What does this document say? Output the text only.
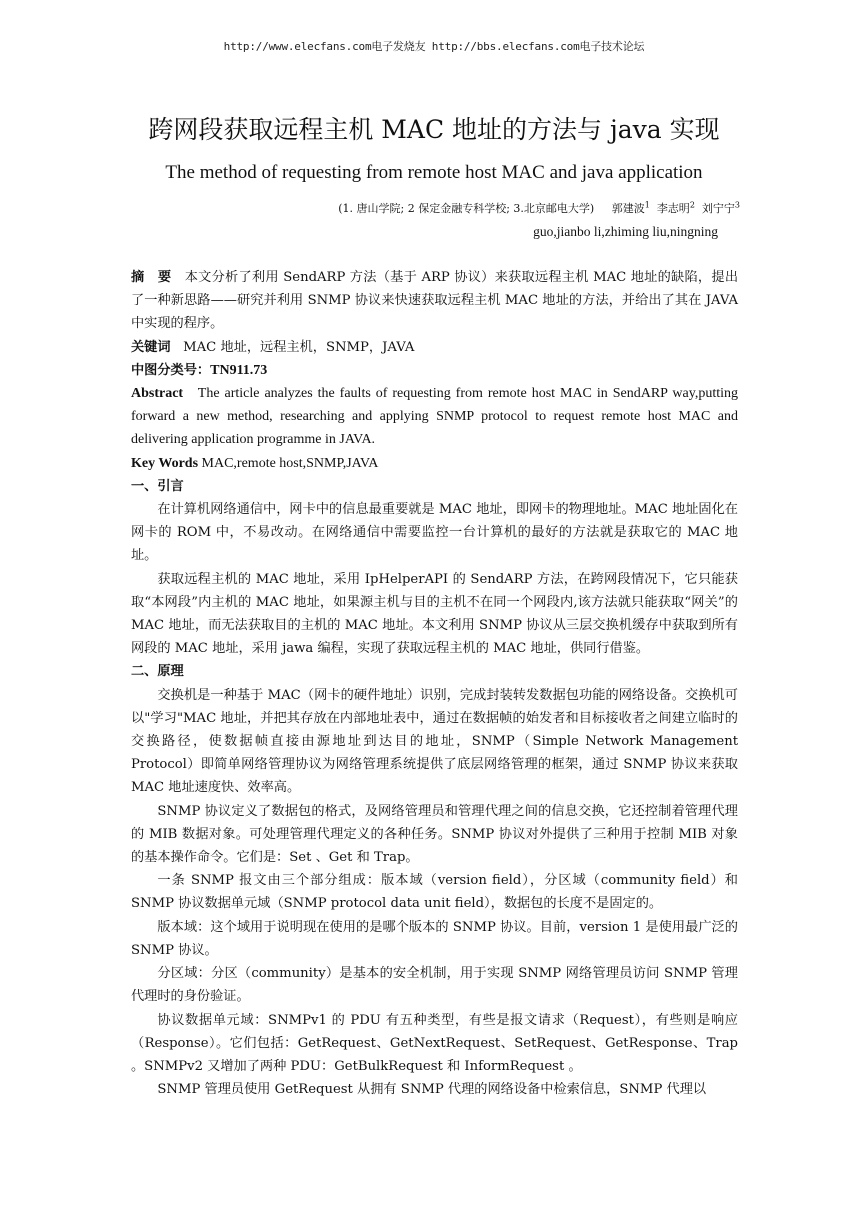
http://www.elecfans.com电子发烧友 http://bbs.elecfans.com电子技术论坛
跨网段获取远程主机 MAC 地址的方法与 java 实现
The method of requesting from remote host MAC and java application
(1. 唐山学院; 2 保定金融专科学校; 3.北京邮电大学) 郭建波$^1$ 李志明$^2$ 刘宁宁$^3$
guo,jianbo li,zhiming liu,ningning

摘　要 本文分析了利用 SendARP 方法（基于 ARP 协议）来获取远程主机 MAC 地址的缺陷，提出了一种新思路——研究并利用 SNMP 协议来快速获取远程主机 MAC 地址的方法，并给出了其在 JAVA 中实现的程序。

关键词 MAC 地址，远程主机，SNMP，JAVA

中图分类号：TN911.73

Abstract The article analyzes the faults of requesting from remote host MAC in SendARP way,putting forward a new method, researching and applying SNMP protocol to request remote host MAC and delivering application programme in JAVA.

Key Words MAC,remote host,SNMP,JAVA

一、引言

在计算机网络通信中，网卡中的信息最重要就是 MAC 地址，即网卡的物理地址。MAC 地址固化在网卡的 ROM 中，不易改动。在网络通信中需要监控一台计算机的最好的方法就是获取它的 MAC 地址。

获取远程主机的 MAC 地址，采用 IpHelperAPI 的 SendARP 方法，在跨网段情况下，它只能获取“本网段”内主机的 MAC 地址，如果源主机与目的主机不在同一个网段内,该方法就只能获取“网关”的 MAC 地址，而无法获取目的主机的 MAC 地址。本文利用 SNMP 协议从三层交换机缓存中获取到所有网段的 MAC 地址，采用 jawa 编程，实现了获取远程主机的 MAC 地址，供同行借鉴。

二、原理

交换机是一种基于 MAC（网卡的硬件地址）识别，完成封装转发数据包功能的网络设备。交换机可以"学习"MAC 地址，并把其存放在内部地址表中，通过在数据帧的始发者和目标接收者之间建立临时的交换路径，使数据帧直接由源地址到达目的地址，SNMP（Simple Network Management Protocol）即简单网络管理协议为网络管理系统提供了底层网络管理的框架，通过 SNMP 协议来获取 MAC 地址速度快、效率高。

SNMP 协议定义了数据包的格式，及网络管理员和管理代理之间的信息交换，它还控制着管理代理的 MIB 数据对象。可处理管理代理定义的各种任务。SNMP 协议对外提供了三种用于控制 MIB 对象的基本操作命令。它们是：Set 、Get 和 Trap。

一条 SNMP 报文由三个部分组成：版本域（version field），分区域（community field）和 SNMP 协议数据单元域（SNMP protocol data unit field），数据包的长度不是固定的。

版本域：这个域用于说明现在使用的是哪个版本的 SNMP 协议。目前，version 1 是使用最广泛的 SNMP 协议。

分区域：分区（community）是基本的安全机制，用于实现 SNMP 网络管理员访问 SNMP 管理代理时的身份验证。

协议数据单元域：SNMPv1 的 PDU 有五种类型，有些是报文请求（Request），有些则是响应（Response）。它们包括：GetRequest、GetNextRequest、SetRequest、GetResponse、Trap 。SNMPv2 又增加了两种 PDU：GetBulkRequest 和 InformRequest 。

SNMP 管理员使用 GetRequest 从拥有 SNMP 代理的网络设备中检索信息，SNMP 代理以
